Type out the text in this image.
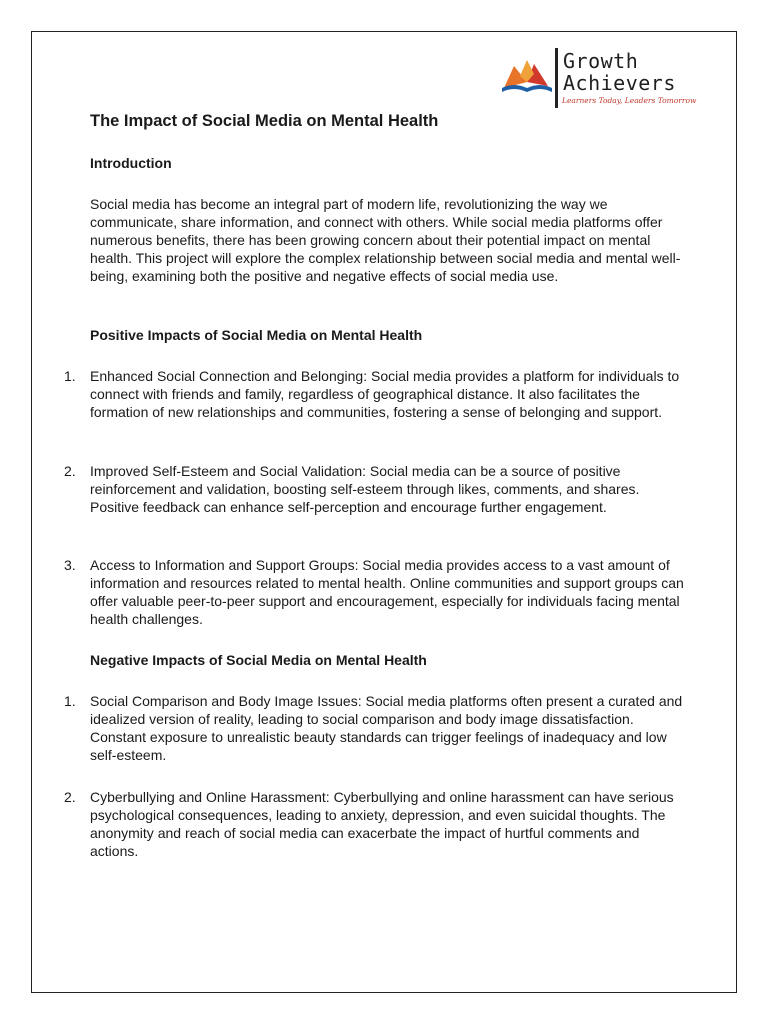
Growth
Achievers
Learners Today, Leaders Tomorrow
The Impact of Social Media on Mental Health
Introduction

Social media has become an integral part of modern life, revolutionizing the way we communicate, share information, and connect with others. While social media platforms offer numerous benefits, there has been growing concern about their potential impact on mental health. This project will explore the complex relationship between social media and mental well-being, examining both the positive and negative effects of social media use.

Positive Impacts of Social Media on Mental Health
1. Enhanced Social Connection and Belonging: Social media provides a platform for individuals to connect with friends and family, regardless of geographical distance. It also facilitates the formation of new relationships and communities, fostering a sense of belonging and support.
2. Improved Self-Esteem and Social Validation: Social media can be a source of positive reinforcement and validation, boosting self-esteem through likes, comments, and shares. Positive feedback can enhance self-perception and encourage further engagement.
3. Access to Information and Support Groups: Social media provides access to a vast amount of information and resources related to mental health. Online communities and support groups can offer valuable peer-to-peer support and encouragement, especially for individuals facing mental health challenges.
Negative Impacts of Social Media on Mental Health
1. Social Comparison and Body Image Issues: Social media platforms often present a curated and idealized version of reality, leading to social comparison and body image dissatisfaction. Constant exposure to unrealistic beauty standards can trigger feelings of inadequacy and low self-esteem.
2. Cyberbullying and Online Harassment: Cyberbullying and online harassment can have serious psychological consequences, leading to anxiety, depression, and even suicidal thoughts. The anonymity and reach of social media can exacerbate the impact of hurtful comments and actions.
